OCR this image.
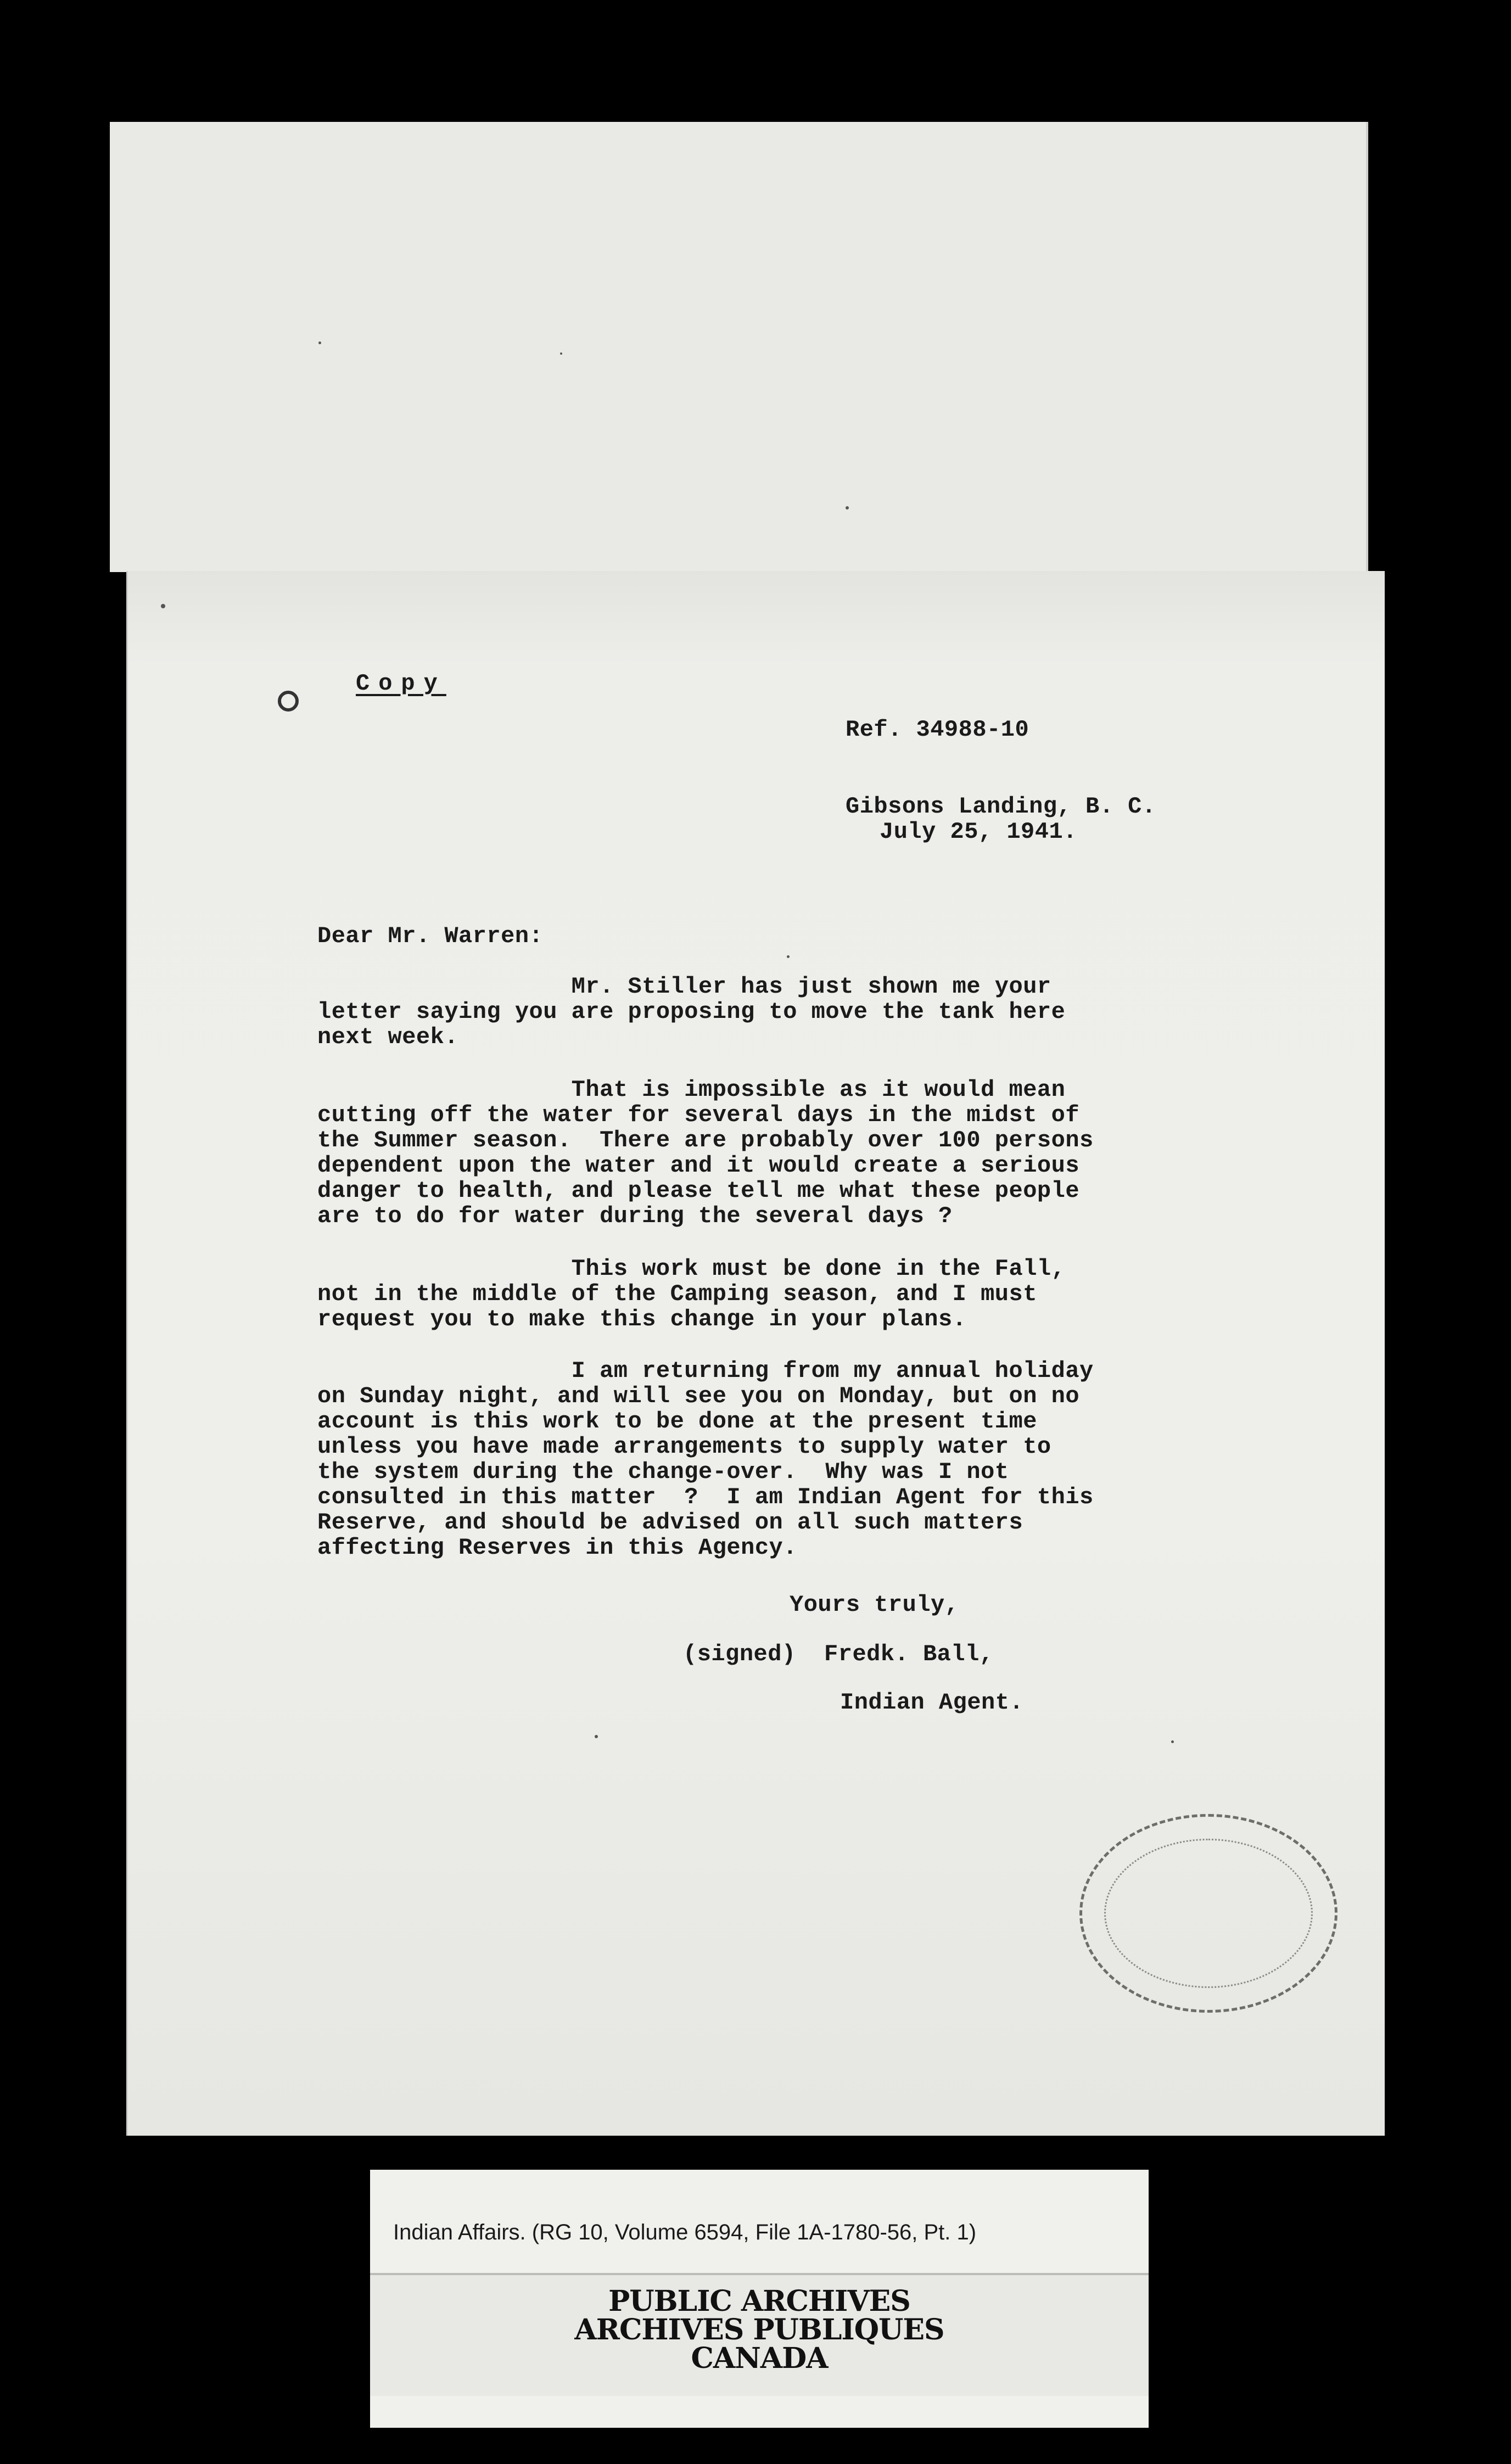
Copy
Ref. 34988-10
Gibsons Landing, B. C.
July 25, 1941.
Dear Mr. Warren:
Mr. Stiller has just shown me your
letter saying you are proposing to move the tank here
next week.
That is impossible as it would mean
cutting off the water for several days in the midst of
the Summer season.  There are probably over 100 persons
dependent upon the water and it would create a serious
danger to health, and please tell me what these people
are to do for water during the several days ?
This work must be done in the Fall,
not in the middle of the Camping season, and I must
request you to make this change in your plans.
I am returning from my annual holiday
on Sunday night, and will see you on Monday, but on no
account is this work to be done at the present time
unless you have made arrangements to supply water to
the system during the change-over.  Why was I not
consulted in this matter  ?  I am Indian Agent for this
Reserve, and should be advised on all such matters
affecting Reserves in this Agency.
Yours truly,
(signed)  Fredk. Ball,
Indian Agent.
Indian Affairs. (RG 10, Volume 6594, File 1A-1780-56, Pt. 1)
PUBLIC ARCHIVES
ARCHIVES PUBLIQUES
CANADA
